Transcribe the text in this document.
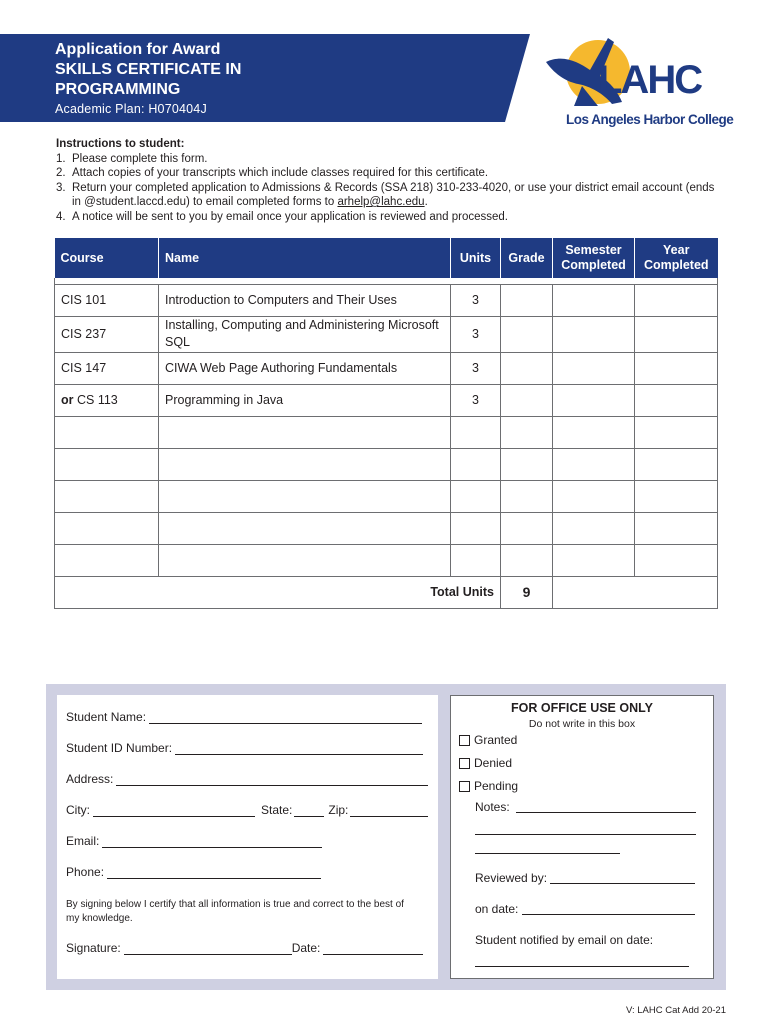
Application for Award
SKILLS CERTIFICATE IN
PROGRAMMING
Academic Plan: H070404J
LAHC
Los Angeles Harbor College
Instructions to student:
1. Please complete this form.
2. Attach copies of your transcripts which include classes required for this certificate.
3. Return your completed application to Admissions & Records (SSA 218) 310-233-4020, or use your district email account (ends in @student.laccd.edu) to email completed forms to arhelp@lahc.edu.
4. A notice will be sent to you by email once your application is reviewed and processed.
Course	Name	Units	Grade	Semester Completed	Year Completed

CIS 101	Introduction to Computers and Their Uses	3			
CIS 237	Installing, Computing and Administering Microsoft SQL	3			
CIS 147	CIWA Web Page Authoring Fundamentals	3			
or CS 113	Programming in Java	3			

Total Units			9		
Student Name:
Student ID Number:
Address:
City:	State:	Zip:
Email:
Phone:
By signing below I certify that all information is true and correct to the best of my knowledge.
Signature:	Date:
FOR OFFICE USE ONLY
Do not write in this box
Granted
Denied
Pending
Notes:
Reviewed by:
on date:
Student notified by email on date:
V: LAHC Cat Add 20-21
